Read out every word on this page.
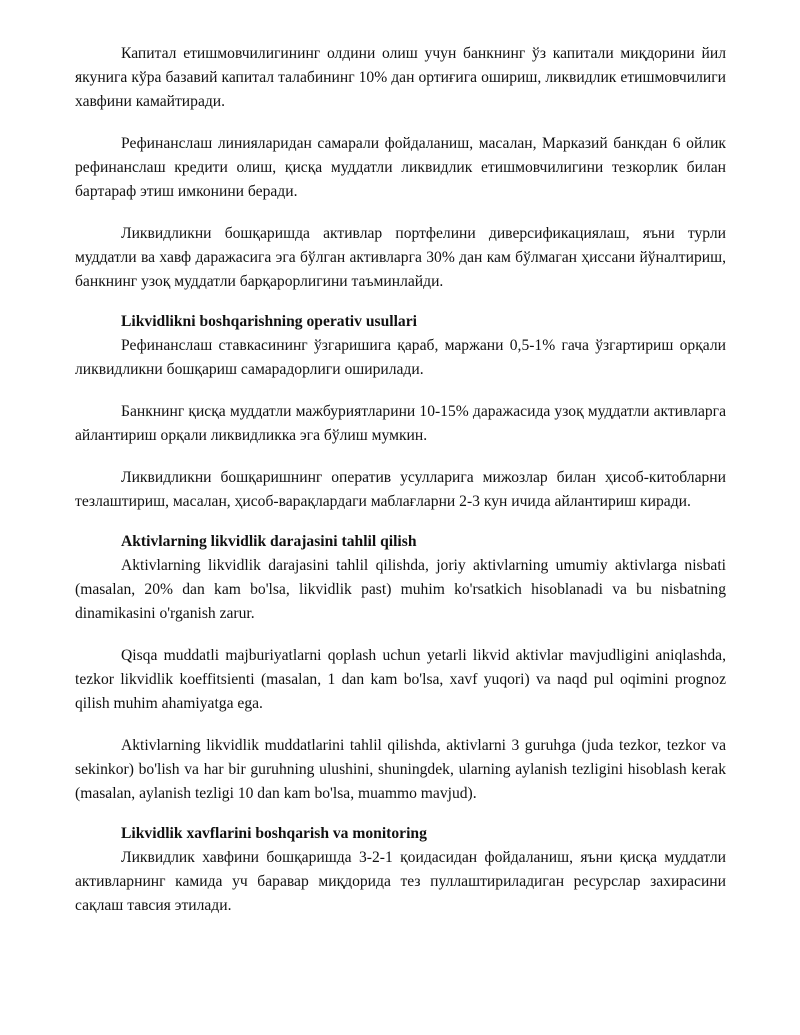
Капитал етишмовчилигининг олдини олиш учун банкнинг ўз капитали миқдорини йил якунига кўра базавий капитал талабининг 10% дан ортиғига ошириш, ликвидлик етишмовчилиги хавфини камайтиради.

Рефинанслаш линияларидан самарали фойдаланиш, масалан, Марказий банкдан 6 ойлик рефинанслаш кредити олиш, қисқа муддатли ликвидлик етишмовчилигини тезкорлик билан бартараф этиш имконини беради.

Ликвидликни бошқаришда активлар портфелини диверсификациялаш, яъни турли муддатли ва хавф даражасига эга бўлган активларга 30% дан кам бўлмаган ҳиссани йўналтириш, банкнинг узоқ муддатли барқарорлигини таъминлайди.

Likvidlikni boshqarishning operativ usullari

Рефинанслаш ставкасининг ўзгаришига қараб, маржани 0,5-1% гача ўзгартириш орқали ликвидликни бошқариш самарадорлиги оширилади.

Банкнинг қисқа муддатли мажбуриятларини 10-15% даражасида узоқ муддатли активларга айлантириш орқали ликвидликка эга бўлиш мумкин.

Ликвидликни бошқаришнинг оператив усулларига мижозлар билан ҳисоб-китобларни тезлаштириш, масалан, ҳисоб-варақлардаги маблағларни 2-3 кун ичида айлантириш киради.

Aktivlarning likvidlik darajasini tahlil qilish

Aktivlarning likvidlik darajasini tahlil qilishda, joriy aktivlarning umumiy aktivlarga nisbati (masalan, 20% dan kam bo'lsa, likvidlik past) muhim ko'rsatkich hisoblanadi va bu nisbatning dinamikasini o'rganish zarur.

Qisqa muddatli majburiyatlarni qoplash uchun yetarli likvid aktivlar mavjudligini aniqlashda, tezkor likvidlik koeffitsienti (masalan, 1 dan kam bo'lsa, xavf yuqori) va naqd pul oqimini prognoz qilish muhim ahamiyatga ega.

Aktivlarning likvidlik muddatlarini tahlil qilishda, aktivlarni 3 guruhga (juda tezkor, tezkor va sekinkor) bo'lish va har bir guruhning ulushini, shuningdek, ularning aylanish tezligini hisoblash kerak (masalan, aylanish tezligi 10 dan kam bo'lsa, muammo mavjud).

Likvidlik xavflarini boshqarish va monitoring

Ликвидлик хавфини бошқаришда 3-2-1 қоидасидан фойдаланиш, яъни қисқа муддатли активларнинг камида уч баравар миқдорида тез пуллаштириладиган ресурслар захирасини сақлаш тавсия этилади.
